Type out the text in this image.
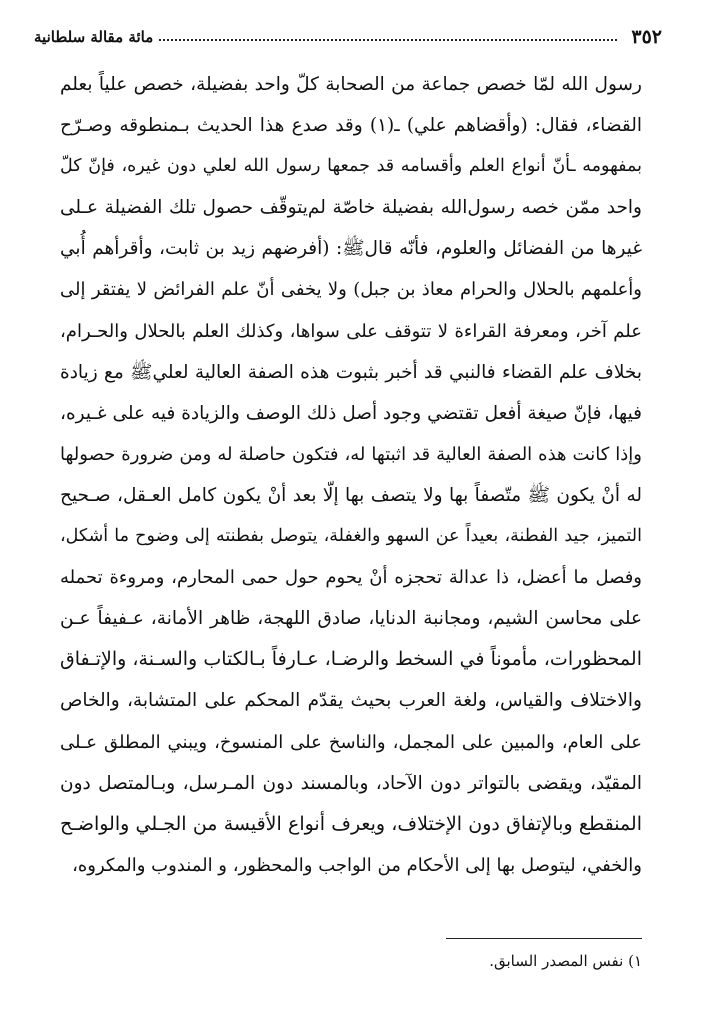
٣٥٢
مائة مقالة سلطانية
رسول الله لمّا خصص جماعة من الصحابة كلّ واحد بفضيلة، خصص علياً بعلم
القضاء، فقال: (وأقضاهم علي) ـ(١) وقد صدع هذا الحديث بـمنطوقه وصـرّح
بمفهومه ـأنّ أنواع العلم وأقسامه قد جمعها رسول الله لعلي دون غيره، فإنّ كلّ
واحد ممّن خصه رسول‌الله بفضيلة خاصّة لم‌يتوقّف حصول تلك الفضيلة عـلى
غيرها من الفضائل والعلوم، فأنّه قالﷺ: (أفرضهم زيد بن ثابت، وأقرأهم أُبي
وأعلمهم بالحلال والحرام معاذ بن جبل) ولا يخفى أنّ علم الفرائض لا يفتقر إلى
علم آخر، ومعرفة القراءة لا تتوقف على سواها، وكذلك العلم بالحلال والحـرام،
بخلاف علم القضاء فالنبي قد أخبر بثبوت هذه الصفة العالية لعليﷺ مع زيادة
فيها، فإنّ صيغة أفعل تقتضي وجود أصل ذلك الوصف والزيادة فيه على غـيره،
وإذا كانت هذه الصفة العالية قد اثبتها له، فتكون حاصلة له ومن ضرورة حصولها
له أنْ يكون ﷺ متّصفاً بها ولا يتصف بها إلّا بعد أنْ يكون كامل العـقل، صـحيح
التميز، جيد الفطنة، بعيداً عن السهو والغفلة، يتوصل بفطنته إلى وضوح ما أشكل،
وفصل ما أعضل، ذا عدالة تحجزه أنْ يحوم حول حمى المحارم، ومروءة تحمله
على محاسن الشيم، ومجانبة الدنايا، صادق اللهجة، ظاهر الأمانة، عـفيفاً عـن
المحظورات، مأموناً في السخط والرضـا، عـارفاً بـالكتاب والسـنة، والإتـفاق
والاختلاف والقياس، ولغة العرب بحيث يقدّم المحكم على المتشابة، والخاص
على العام، والمبين على المجمل، والناسخ على المنسوخ، ويبني المطلق عـلى
المقيّد، ويقضى بالتواتر دون الآحاد، وبالمسند دون المـرسل، وبـالمتصل دون
المنقطع وبالإتفاق دون الإختلاف، ويعرف أنواع الأقيسة من الجـلي والواضـح
والخفي، ليتوصل بها إلى الأحكام من الواجب والمحظور، و المندوب والمكروه،
١) نفس المصدر السابق.
